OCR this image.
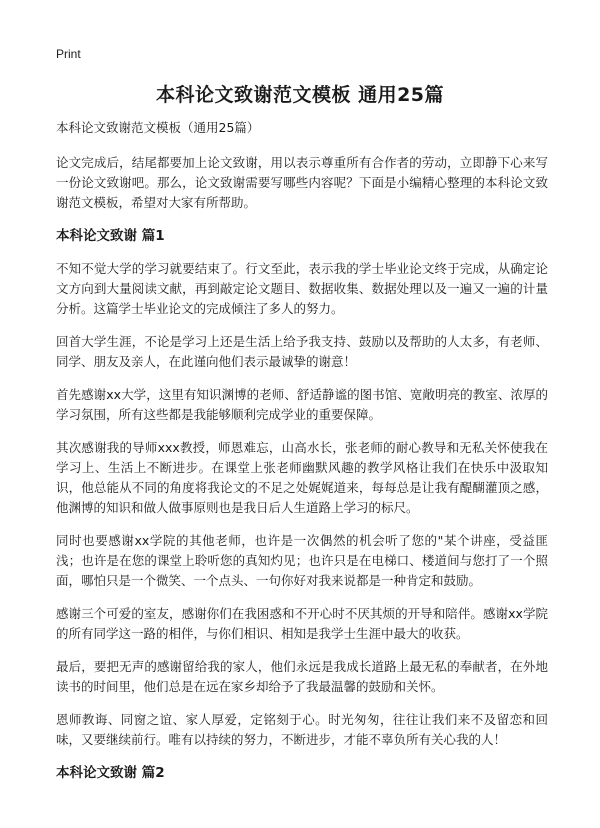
Print
本科论文致谢范文模板 通用25篇
本科论文致谢范文模板（通用25篇）

论文完成后，结尾都要加上论文致谢，用以表示尊重所有合作者的劳动，立即静下心来写一份论文致谢吧。那么，论文致谢需要写哪些内容呢？下面是小编精心整理的本科论文致谢范文模板，希望对大家有所帮助。

本科论文致谢 篇1

不知不觉大学的学习就要结束了。行文至此，表示我的学士毕业论文终于完成，从确定论文方向到大量阅读文献，再到敲定论文题目、数据收集、数据处理以及一遍又一遍的计量分析。这篇学士毕业论文的完成倾注了多人的努力。

回首大学生涯，不论是学习上还是生活上给予我支持、鼓励以及帮助的人太多，有老师、同学、朋友及亲人，在此谨向他们表示最诚挚的谢意！

首先感谢xx大学，这里有知识渊博的老师、舒适静谧的图书馆、宽敞明亮的教室、浓厚的学习氛围，所有这些都是我能够顺利完成学业的重要保障。

其次感谢我的导师xxx教授，师恩难忘，山高水长，张老师的耐心教导和无私关怀使我在学习上、生活上不断进步。在课堂上张老师幽默风趣的教学风格让我们在快乐中汲取知识，他总能从不同的角度将我论文的不足之处娓娓道来，每每总是让我有醍醐灌顶之感，他渊博的知识和做人做事原则也是我日后人生道路上学习的标尺。

同时也要感谢xx学院的其他老师，也许是一次偶然的机会听了您的"某个讲座，受益匪浅；也许是在您的课堂上聆听您的真知灼见；也许只是在电梯口、楼道间与您打了一个照面，哪怕只是一个微笑、一个点头、一句你好对我来说都是一种肯定和鼓励。

感谢三个可爱的室友，感谢你们在我困惑和不开心时不厌其烦的开导和陪伴。感谢xx学院的所有同学这一路的相伴，与你们相识、相知是我学士生涯中最大的收获。

最后，要把无声的感谢留给我的家人，他们永远是我成长道路上最无私的奉献者，在外地读书的时间里，他们总是在远在家乡却给予了我最温馨的鼓励和关怀。

恩师教诲、同窗之谊、家人厚爱，定铭刻于心。时光匆匆，往往让我们来不及留恋和回味，又要继续前行。唯有以持续的努力，不断进步，才能不辜负所有关心我的人！

本科论文致谢 篇2
